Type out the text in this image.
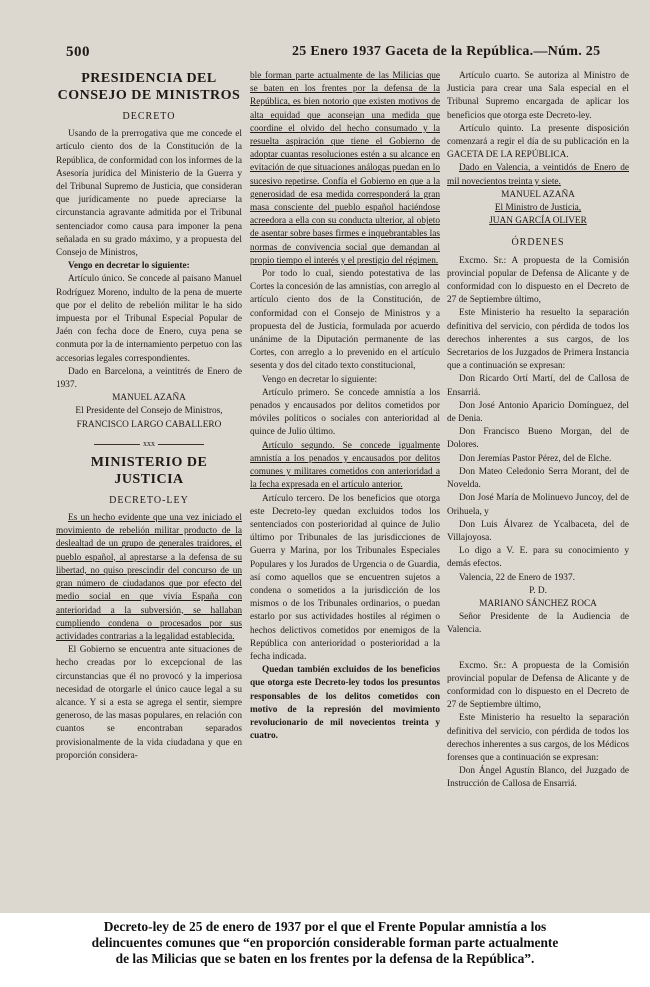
500	25 Enero 1937 Gaceta de la República.—Núm. 25
PRESIDENCIA DEL CONSEJO DE MINISTROS
DECRETO

Usando de la prerrogativa que me concede el artículo ciento dos de la Constitución de la República, de conformidad con los informes de la Asesoría jurídica del Ministerio de la Guerra y del Tribunal Supremo de Justicia, que consideran que jurídicamente no puede apreciarse la circunstancia agravante admitida por el Tribunal sentenciador como causa para imponer la pena señalada en su grado máximo, y a propuesta del Consejo de Ministros,

Vengo en decretar lo siguiente:

Artículo único. Se concede al paisano Manuel Rodríguez Moreno, indulto de la pena de muerte que por el delito de rebelión militar le ha sido impuesta por el Tribunal Especial Popular de Jaén con fecha doce de Enero, cuya pena se conmuta por la de internamiento perpetuo con las accesorias legales correspondientes.

Dado en Barcelona, a veintitrés de Enero de 1937.

MANUEL AZAÑA

El Presidente del Consejo de Ministros,

FRANCISCO LARGO CABALLERO

xxx
MINISTERIO DE JUSTICIA
DECRETO-LEY

Es un hecho evidente que una vez iniciado el movimiento de rebelión militar producto de la deslealtad de un grupo de generales traidores, el pueblo español, al aprestarse a la defensa de su libertad, no quiso prescindir del concurso de un gran número de ciudadanos que por efecto del medio social en que vivía España con anterioridad a la subversión, se hallaban cumpliendo condena o procesados por sus actividades contrarias a la legalidad establecida.

El Gobierno se encuentra ante situaciones de hecho creadas por lo excepcional de las circunstancias que él no provocó y la imperiosa necesidad de otorgarle el único cauce legal a su alcance. Y si a esta se agrega el sentir, siempre generoso, de las masas populares, en relación con cuantos se encontraban separados provisionalmente de la vida ciudadana y que en proporción considera-

ble forman parte actualmente de las Milicias que se baten en los frentes por la defensa de la República, es bien notorio que existen motivos de alta equidad que aconsejan una medida que coordine el olvido del hecho consumado y la resuelta aspiración que tiene el Gobierno de adoptar cuantas resoluciones estén a su alcance en evitación de que situaciones análogas puedan en lo sucesivo repetirse. Confía el Gobierno en que a la generosidad de esa medida corresponderá la gran masa consciente del pueblo español haciéndose acreedora a ella con su conducta ulterior, al objeto de asentar sobre bases firmes e inquebrantables las normas de convivencia social que demandan al propio tiempo el interés y el prestigio del régimen.

Por todo lo cual, siendo potestativa de las Cortes la concesión de las amnistías, con arreglo al artículo ciento dos de la Constitución, de conformidad con el Consejo de Ministros y a propuesta del de Justicia, formulada por acuerdo unánime de la Diputación permanente de las Cortes, con arreglo a lo prevenido en el artículo sesenta y dos del citado texto constitucional,

Vengo en decretar lo siguiente:

Artículo primero. Se concede amnistía a los penados y encausados por delitos cometidos por móviles políticos o sociales con anterioridad al quince de Julio último.

Artículo segundo. Se concede igualmente amnistía a los penados y encausados por delitos comunes y militares cometidos con anterioridad a la fecha expresada en el artículo anterior.

Artículo tercero. De los beneficios que otorga este Decreto-ley quedan excluidos todos los sentenciados con posterioridad al quince de Julio último por Tribunales de las jurisdicciones de Guerra y Marina, por los Tribunales Especiales Populares y los Jurados de Urgencia o de Guardia, así como aquellos que se encuentren sujetos a condena o sometidos a la jurisdicción de los mismos o de los Tribunales ordinarios, o puedan estarlo por sus actividades hostiles al régimen o hechos delictivos cometidos por enemigos de la República con anterioridad o posterioridad a la fecha indicada.

Quedan también excluidos de los beneficios que otorga este Decreto-ley todos los presuntos responsables de los delitos cometidos con motivo de la represión del movimiento revolucionario de mil novecientos treinta y cuatro.

Artículo cuarto. Se autoriza al Ministro de Justicia para crear una Sala especial en el Tribunal Supremo encargada de aplicar los beneficios que otorga este Decreto-ley.

Artículo quinto. La presente disposición comenzará a regir el día de su publicación en la GACETA DE LA REPÚBLICA.

Dado en Valencia, a veintidós de Enero de mil novecientos treinta y siete.

MANUEL AZAÑA

El Ministro de Justicia,

JUAN GARCÍA OLIVER

ÓRDENES

Excmo. Sr.: A propuesta de la Comisión provincial popular de Defensa de Alicante y de conformidad con lo dispuesto en el Decreto de 27 de Septiembre último,

Este Ministerio ha resuelto la separación definitiva del servicio, con pérdida de todos los derechos inherentes a sus cargos, de los Secretarios de los Juzgados de Primera Instancia que a continuación se expresan:

Don Ricardo Ortí Martí, del de Callosa de Ensarriá.

Don José Antonio Aparicio Domínguez, del de Denia.

Don Francisco Bueno Morgan, del de Dolores.

Don Jeremías Pastor Pérez, del de Elche.

Don Mateo Celedonio Serra Morant, del de Novelda.

Don José María de Molinuevo Juncoy, del de Orihuela, y

Don Luis Álvarez de Ycalbaceta, del de Villajoyosa.

Lo digo a V. E. para su conocimiento y demás efectos.

Valencia, 22 de Enero de 1937.

P. D.

MARIANO SÁNCHEZ ROCA

Señor Presidente de la Audiencia de Valencia.

Excmo. Sr.: A propuesta de la Comisión provincial popular de Defensa de Alicante y de conformidad con lo dispuesto en el Decreto de 27 de Septiembre último,

Este Ministerio ha resuelto la separación definitiva del servicio, con pérdida de todos los derechos inherentes a sus cargos, de los Médicos forenses que a continuación se expresan:

Don Ángel Agustín Blanco, del Juzgado de Instrucción de Callosa de Ensarriá.

Decreto-ley de 25 de enero de 1937 por el que el Frente Popular amnistía a los
delincuentes comunes que “en proporción considerable forman parte actualmente
de las Milicias que se baten en los frentes por la defensa de la República”.
